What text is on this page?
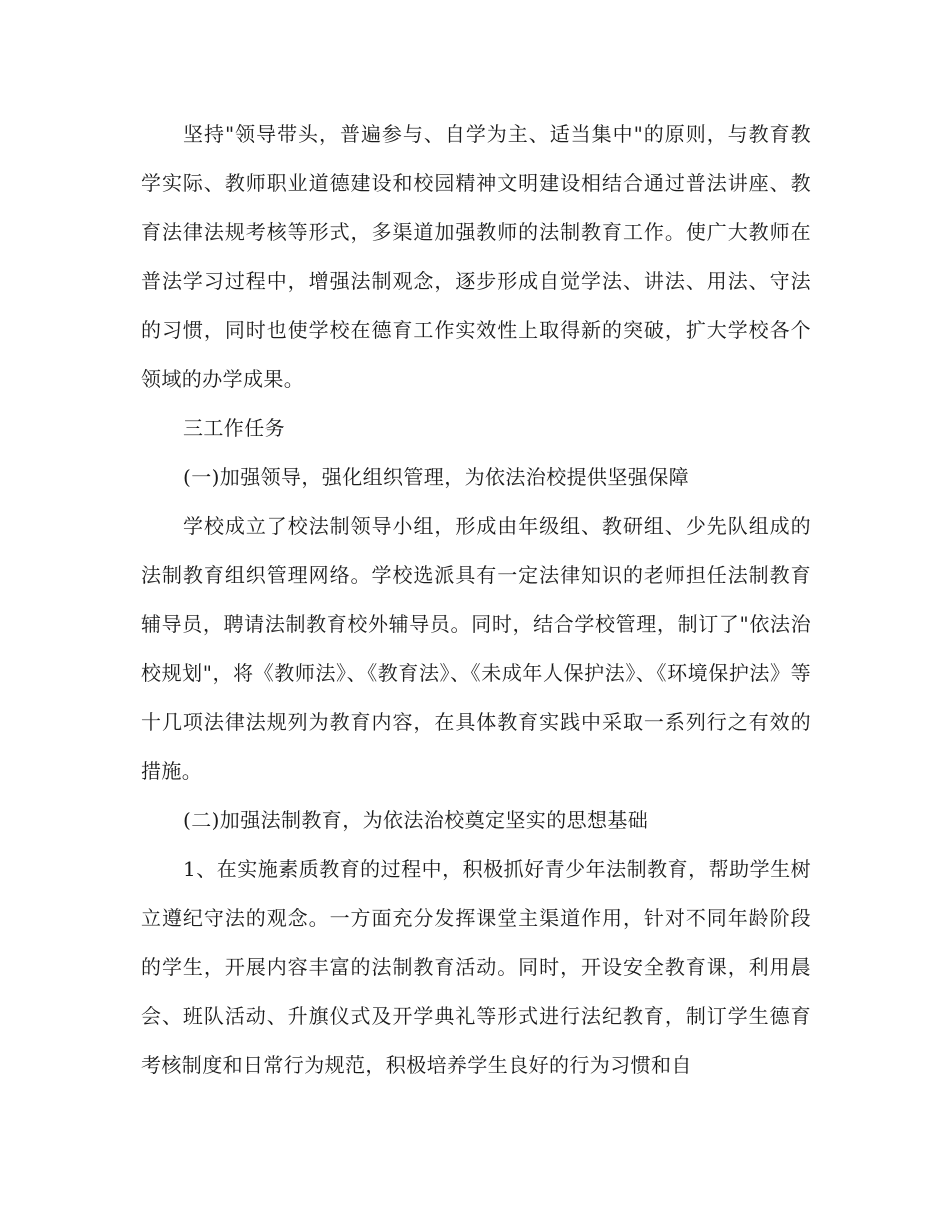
坚持"领导带头，普遍参与、自学为主、适当集中"的原则，与教育教学实际、教师职业道德建设和校园精神文明建设相结合通过普法讲座、教育法律法规考核等形式，多渠道加强教师的法制教育工作。使广大教师在普法学习过程中，增强法制观念，逐步形成自觉学法、讲法、用法、守法的习惯，同时也使学校在德育工作实效性上取得新的突破，扩大学校各个领域的办学成果。

三工作任务

(一)加强领导，强化组织管理，为依法治校提供坚强保障

学校成立了校法制领导小组，形成由年级组、教研组、少先队组成的法制教育组织管理网络。学校选派具有一定法律知识的老师担任法制教育辅导员，聘请法制教育校外辅导员。同时，结合学校管理，制订了"依法治校规划"，将《教师法》、《教育法》、《未成年人保护法》、《环境保护法》等十几项法律法规列为教育内容，在具体教育实践中采取一系列行之有效的措施。

(二)加强法制教育，为依法治校奠定坚实的思想基础

1、在实施素质教育的过程中，积极抓好青少年法制教育，帮助学生树立遵纪守法的观念。一方面充分发挥课堂主渠道作用，针对不同年龄阶段的学生，开展内容丰富的法制教育活动。同时，开设安全教育课，利用晨会、班队活动、升旗仪式及开学典礼等形式进行法纪教育，制订学生德育考核制度和日常行为规范，积极培养学生良好的行为习惯和自
